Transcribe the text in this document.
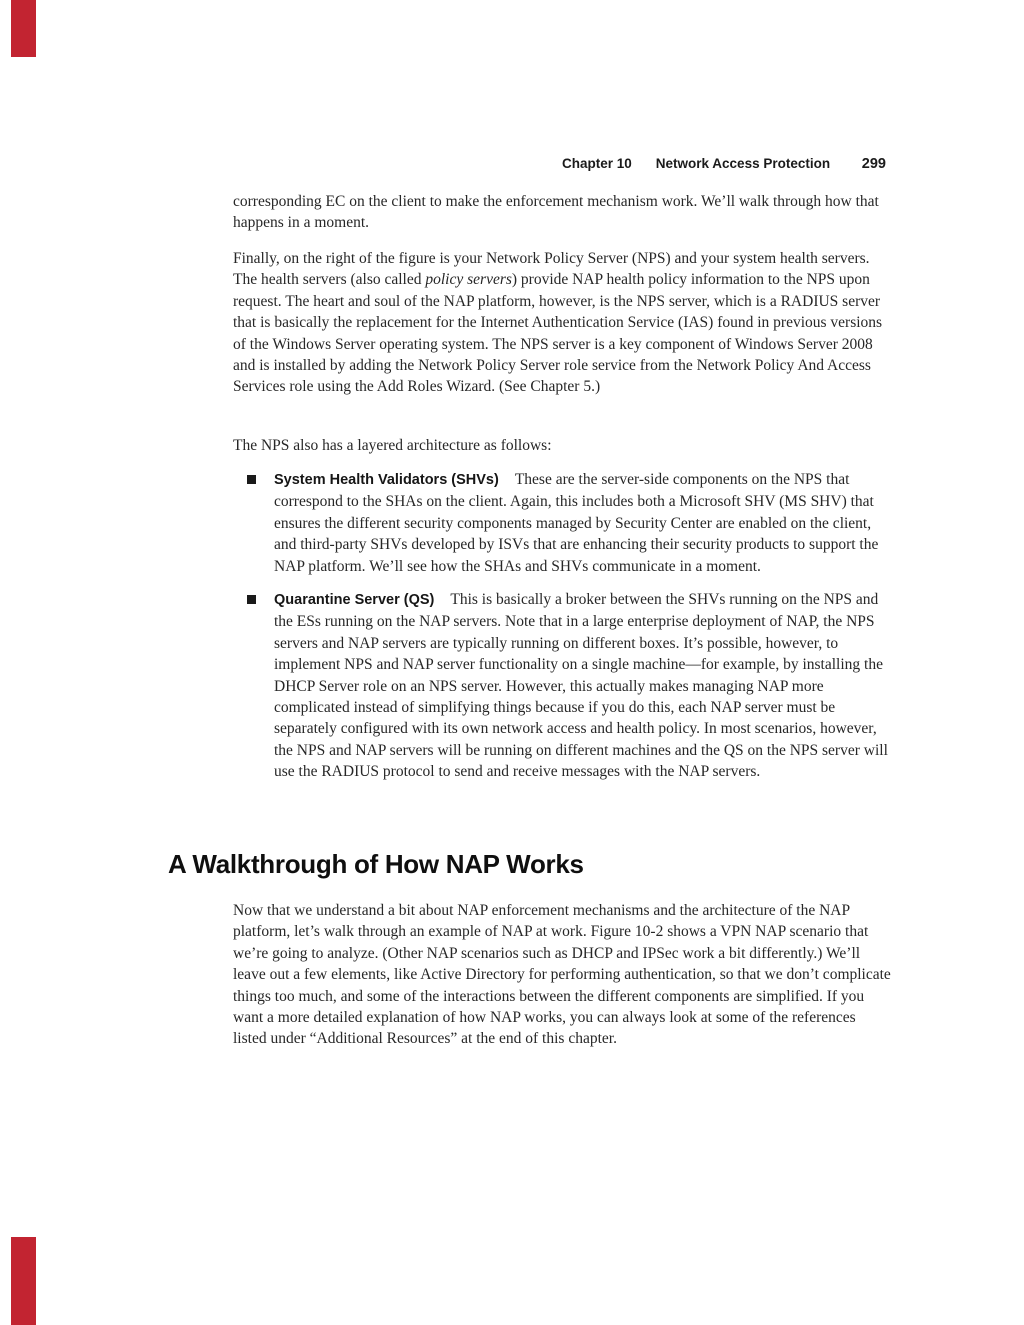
Chapter 10 Network Access Protection 299

corresponding EC on the client to make the enforcement mechanism work. We’ll walk through how that happens in a moment.

Finally, on the right of the figure is your Network Policy Server (NPS) and your system health servers. The health servers (also called policy servers) provide NAP health policy information to the NPS upon request. The heart and soul of the NAP platform, however, is the NPS server, which is a RADIUS server that is basically the replacement for the Internet Authentication Service (IAS) found in previous versions of the Windows Server operating system. The NPS server is a key component of Windows Server 2008 and is installed by adding the Network Policy Server role service from the Network Policy And Access Services role using the Add Roles Wizard. (See Chapter 5.)

The NPS also has a layered architecture as follows:

System Health Validators (SHVs) These are the server-side components on the NPS that correspond to the SHAs on the client. Again, this includes both a Microsoft SHV (MS SHV) that ensures the different security components managed by Security Center are enabled on the client, and third-party SHVs developed by ISVs that are enhancing their security products to support the NAP platform. We’ll see how the SHAs and SHVs communicate in a moment.
Quarantine Server (QS) This is basically a broker between the SHVs running on the NPS and the ESs running on the NAP servers. Note that in a large enterprise deployment of NAP, the NPS servers and NAP servers are typically running on different boxes. It’s possible, however, to implement NPS and NAP server functionality on a single machine—for example, by installing the DHCP Server role on an NPS server. However, this actually makes managing NAP more complicated instead of simplifying things because if you do this, each NAP server must be separately configured with its own network access and health policy. In most scenarios, however, the NPS and NAP servers will be running on different machines and the QS on the NPS server will use the RADIUS protocol to send and receive messages with the NAP servers.
A Walkthrough of How NAP Works

Now that we understand a bit about NAP enforcement mechanisms and the architecture of the NAP platform, let’s walk through an example of NAP at work. Figure 10-2 shows a VPN NAP scenario that we’re going to analyze. (Other NAP scenarios such as DHCP and IPSec work a bit differently.) We’ll leave out a few elements, like Active Directory for performing authentication, so that we don’t complicate things too much, and some of the interactions between the different components are simplified. If you want a more detailed explanation of how NAP works, you can always look at some of the references listed under “Additional Resources” at the end of this chapter.
